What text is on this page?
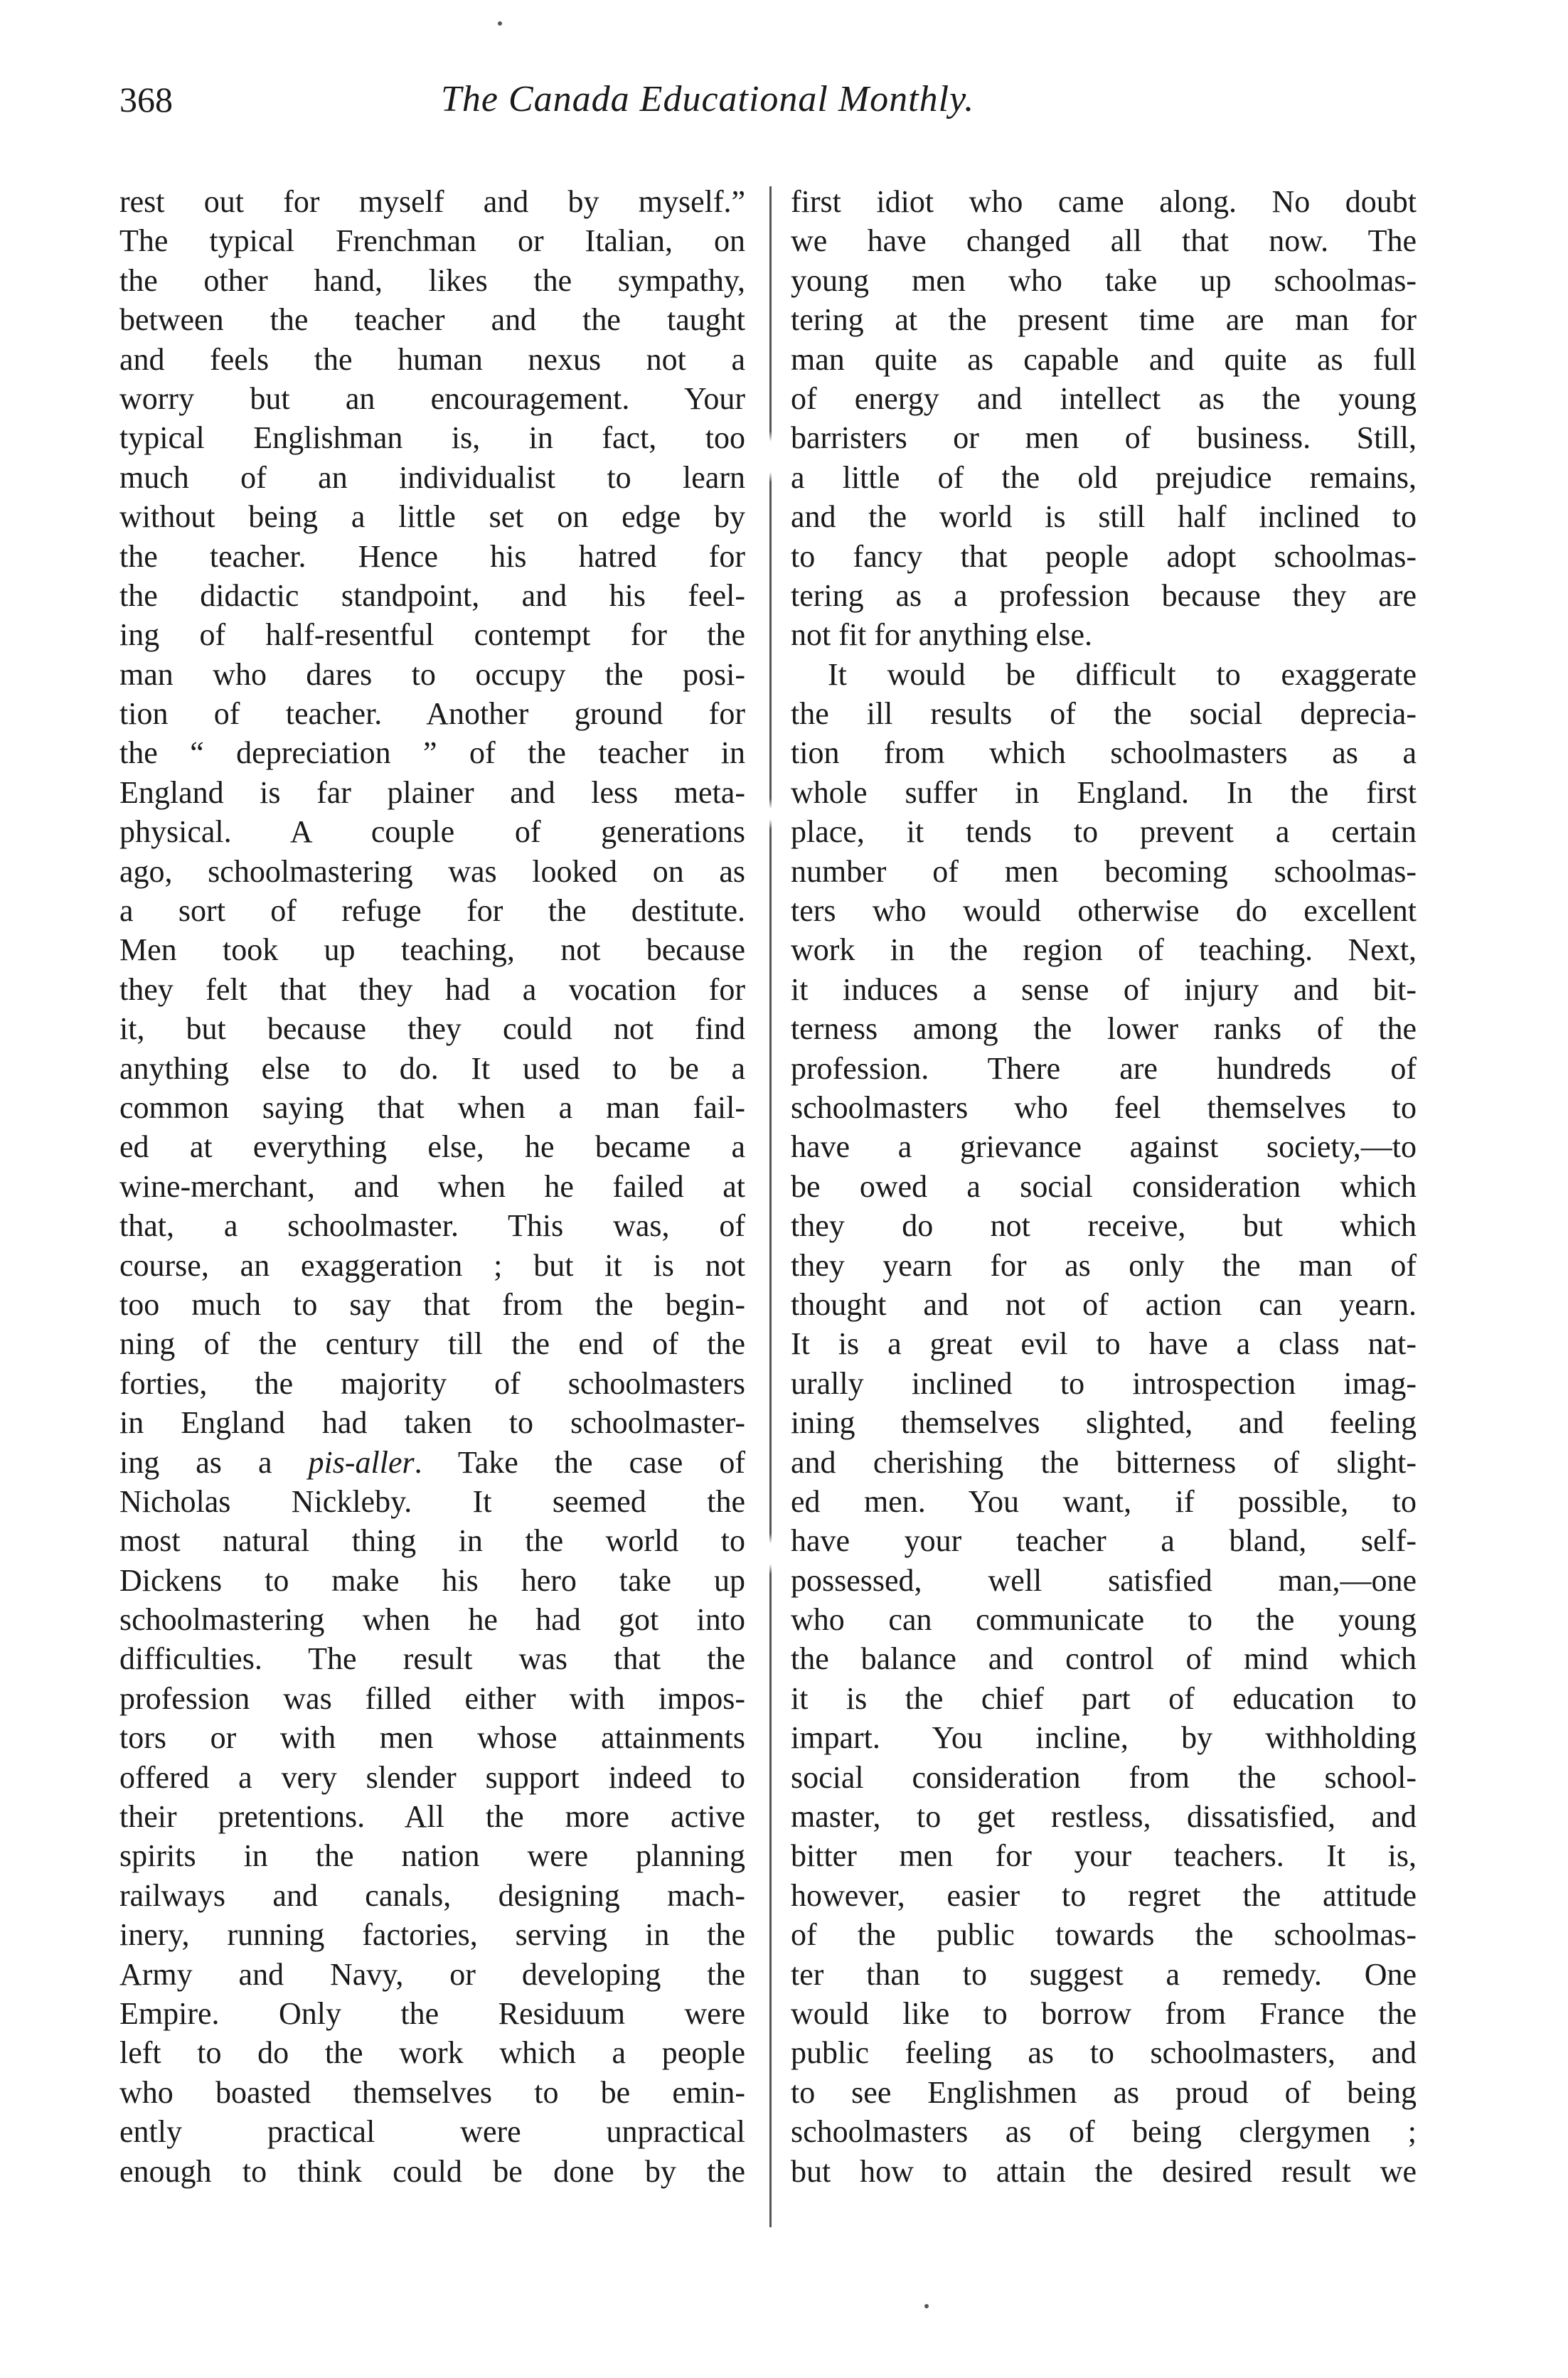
368	The Canada Educational Monthly.
rest out for myself and by myself.”
The typical Frenchman or Italian, on
the other hand, likes the sympathy,
between the teacher and the taught
and feels the human nexus not a
worry but an encouragement. Your
typical Englishman is, in fact, too
much of an individualist to learn
without being a little set on edge by
the teacher. Hence his hatred for
the didactic standpoint, and his feel-
ing of half-resentful contempt for the
man who dares to occupy the posi-
tion of teacher. Another ground for
the “ depreciation ” of the teacher in
England is far plainer and less meta-
physical. A couple of generations
ago, schoolmastering was looked on as
a sort of refuge for the destitute.
Men took up teaching, not because
they felt that they had a vocation for
it, but because they could not find
anything else to do. It used to be a
common saying that when a man fail-
ed at everything else, he became a
wine-merchant, and when he failed at
that, a schoolmaster. This was, of
course, an exaggeration ; but it is not
too much to say that from the begin-
ning of the century till the end of the
forties, the majority of schoolmasters
in England had taken to schoolmaster-
ing as a pis-aller. Take the case of
Nicholas Nickleby. It seemed the
most natural thing in the world to
Dickens to make his hero take up
schoolmastering when he had got into
difficulties. The result was that the
profession was filled either with impos-
tors or with men whose attainments
offered a very slender support indeed to
their pretentions. All the more active
spirits in the nation were planning
railways and canals, designing mach-
inery, running factories, serving in the
Army and Navy, or developing the
Empire. Only the Residuum were
left to do the work which a people
who boasted themselves to be emin-
ently practical were unpractical
enough to think could be done by the
first idiot who came along. No doubt
we have changed all that now. The
young men who take up schoolmas-
tering at the present time are man for
man quite as capable and quite as full
of energy and intellect as the young
barristers or men of business. Still,
a little of the old prejudice remains,
and the world is still half inclined to
to fancy that people adopt schoolmas-
tering as a profession because they are
not fit for anything else.
It would be difficult to exaggerate
the ill results of the social deprecia-
tion from which schoolmasters as a
whole suffer in England. In the first
place, it tends to prevent a certain
number of men becoming schoolmas-
ters who would otherwise do excellent
work in the region of teaching. Next,
it induces a sense of injury and bit-
terness among the lower ranks of the
profession. There are hundreds of
schoolmasters who feel themselves to
have a grievance against society,—to
be owed a social consideration which
they do not receive, but which
they yearn for as only the man of
thought and not of action can yearn.
It is a great evil to have a class nat-
urally inclined to introspection imag-
ining themselves slighted, and feeling
and cherishing the bitterness of slight-
ed men. You want, if possible, to
have your teacher a bland, self-
possessed, well satisfied man,—one
who can communicate to the young
the balance and control of mind which
it is the chief part of education to
impart. You incline, by withholding
social consideration from the school-
master, to get restless, dissatisfied, and
bitter men for your teachers. It is,
however, easier to regret the attitude
of the public towards the schoolmas-
ter than to suggest a remedy. One
would like to borrow from France the
public feeling as to schoolmasters, and
to see Englishmen as proud of being
schoolmasters as of being clergymen ;
but how to attain the desired result we
